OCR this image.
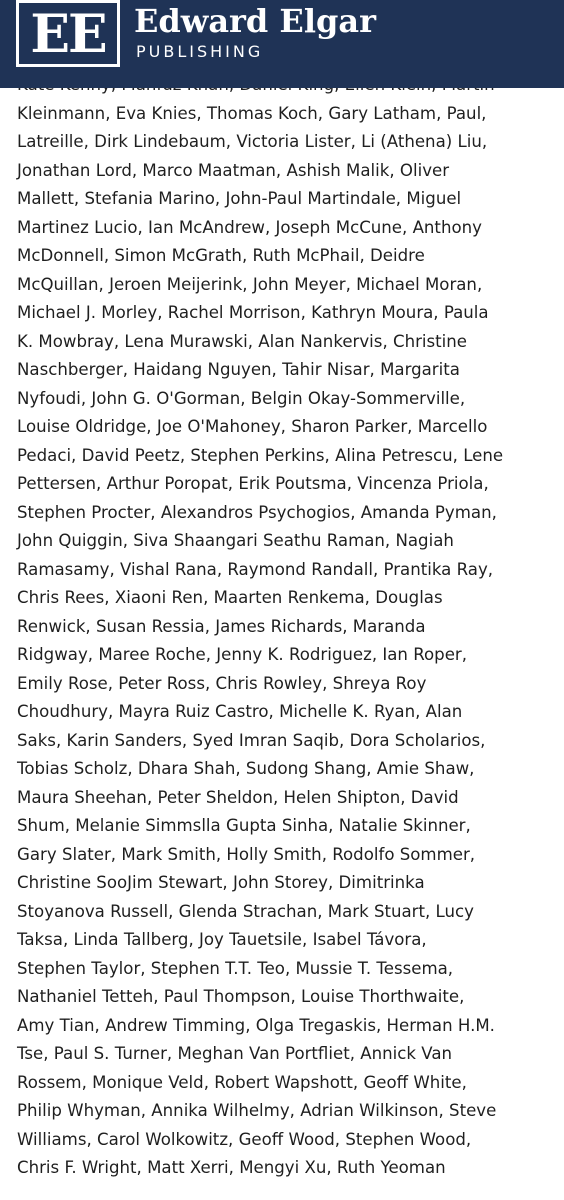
Kleinmann, Eva Knies, Thomas Koch, Gary Latham, Paul,
Latreille, Dirk Lindebaum, Victoria Lister, Li (Athena) Liu,
Jonathan Lord, Marco Maatman, Ashish Malik, Oliver
Mallett, Stefania Marino, John-Paul Martindale, Miguel
Martinez Lucio, Ian McAndrew, Joseph McCune, Anthony
McDonnell, Simon McGrath, Ruth McPhail, Deidre
McQuillan, Jeroen Meijerink, John Meyer, Michael Moran,
Michael J. Morley, Rachel Morrison, Kathryn Moura, Paula
K. Mowbray, Lena Murawski, Alan Nankervis, Christine
Naschberger, Haidang Nguyen, Tahir Nisar, Margarita
Nyfoudi, John G. O'Gorman, Belgin Okay-Sommerville,
Louise Oldridge, Joe O'Mahoney, Sharon Parker, Marcello
Pedaci, David Peetz, Stephen Perkins, Alina Petrescu, Lene
Pettersen, Arthur Poropat, Erik Poutsma, Vincenza Priola,
Stephen Procter, Alexandros Psychogios, Amanda Pyman,
John Quiggin, Siva Shaangari Seathu Raman, Nagiah
Ramasamy, Vishal Rana, Raymond Randall, Prantika Ray,
Chris Rees, Xiaoni Ren, Maarten Renkema, Douglas
Renwick, Susan Ressia, James Richards, Maranda
Ridgway, Maree Roche, Jenny K. Rodriguez, Ian Roper,
Emily Rose, Peter Ross, Chris Rowley, Shreya Roy
Choudhury, Mayra Ruiz Castro, Michelle K. Ryan, Alan
Saks, Karin Sanders, Syed Imran Saqib, Dora Scholarios,
Tobias Scholz, Dhara Shah, Sudong Shang, Amie Shaw,
Maura Sheehan, Peter Sheldon, Helen Shipton, David
Shum, Melanie Simmslla Gupta Sinha, Natalie Skinner,
Gary Slater, Mark Smith, Holly Smith, Rodolfo Sommer,
Christine SooJim Stewart, John Storey, Dimitrinka
Stoyanova Russell, Glenda Strachan, Mark Stuart, Lucy
Taksa, Linda Tallberg, Joy Tauetsile, Isabel Távora,
Stephen Taylor, Stephen T.T. Teo, Mussie T. Tessema,
Nathaniel Tetteh, Paul Thompson, Louise Thorthwaite,
Amy Tian, Andrew Timming, Olga Tregaskis, Herman H.M.
Tse, Paul S. Turner, Meghan Van Portfliet, Annick Van
Rossem, Monique Veld, Robert Wapshott, Geoff White,
Philip Whyman, Annika Wilhelmy, Adrian Wilkinson, Steve
Williams, Carol Wolkowitz, Geoff Wood, Stephen Wood,
Chris F. Wright, Matt Xerri, Mengyi Xu, Ruth Yeoman
EE Edward Elgar
PUBLISHING
